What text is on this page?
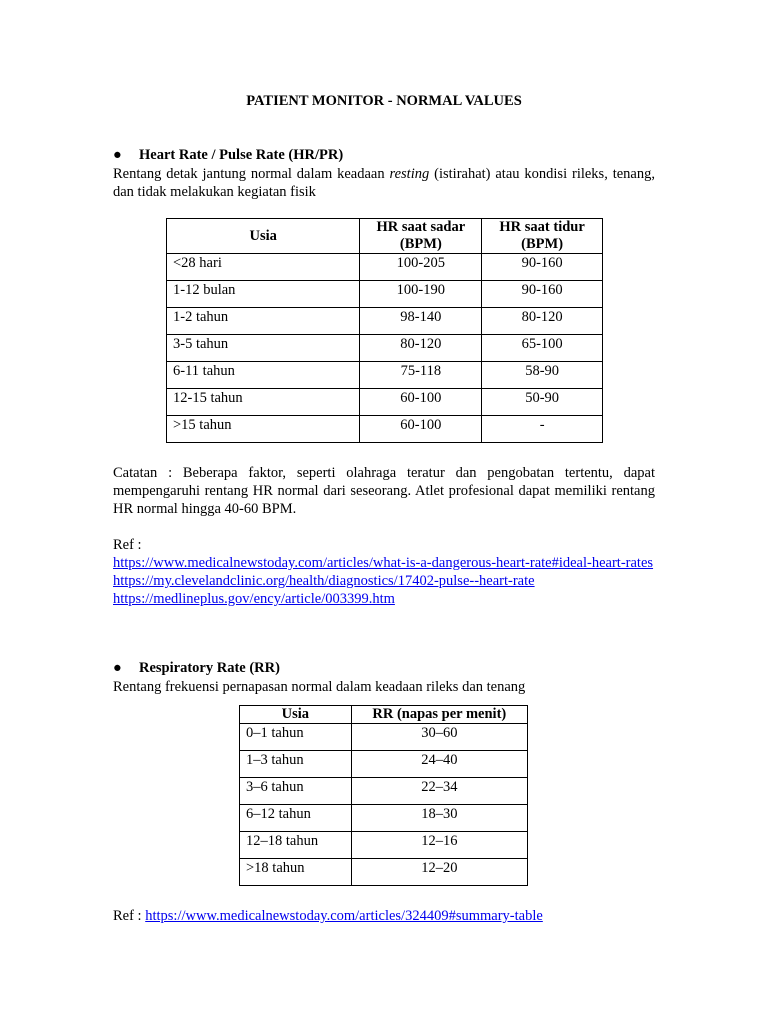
PATIENT MONITOR - NORMAL VALUES
● Heart Rate / Pulse Rate (HR/PR)

Rentang detak jantung normal dalam keadaan resting (istirahat) atau kondisi rileks, tenang, dan tidak melakukan kegiatan fisik

Usia	HR saat sadar (BPM)	HR saat tidur (BPM)
<28 hari	100-205	90-160
1-12 bulan	100-190	90-160
1-2 tahun	98-140	80-120
3-5 tahun	80-120	65-100
6-11 tahun	75-118	58-90
12-15 tahun	60-100	50-90
>15 tahun	60-100	-
Catatan : Beberapa faktor, seperti olahraga teratur dan pengobatan tertentu, dapat mempengaruhi rentang HR normal dari seseorang. Atlet profesional dapat memiliki rentang HR normal hingga 40-60 BPM.

Ref :

https://www.medicalnewstoday.com/articles/what-is-a-dangerous-heart-rate#ideal-heart-rates

https://my.clevelandclinic.org/health/diagnostics/17402-pulse--heart-rate

https://medlineplus.gov/ency/article/003399.htm

● Respiratory Rate (RR)
Rentang frekuensi pernapasan normal dalam keadaan rileks dan tenang
Usia	RR (napas per menit)
0–1 tahun	30–60
1–3 tahun	24–40
3–6 tahun	22–34
6–12 tahun	18–30
12–18 tahun	12–16
>18 tahun	12–20

Ref : https://www.medicalnewstoday.com/articles/324409#summary-table
